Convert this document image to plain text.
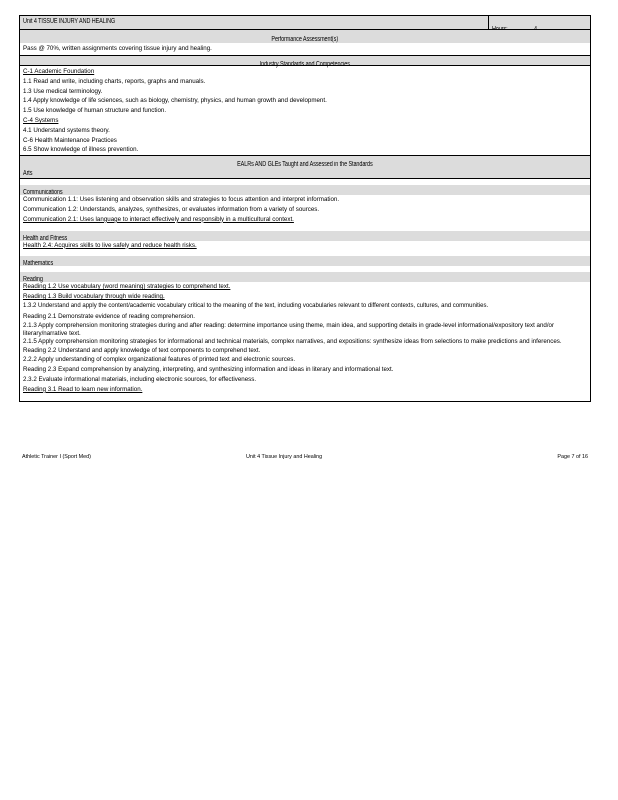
Unit 4 TISSUE INJURY AND HEALING

Performance Assessment(s)
Pass @ 70%, written assignments covering tissue injury and healing.
Industry Standards and Competencies
C-1 Academic Foundation
1.1 Read and write, including charts, reports, graphs and manuals.
1.3 Use medical terminology.
1.4 Apply knowledge of life sciences, such as biology, chemistry, physics, and human growth and development.
1.5 Use knowledge of human structure and function.
C-4 Systems
4.1 Understand systems theory.
C-6 Health Maintenance Practices
6.5 Show knowledge of illness prevention.
EALRs AND GLEs Taught and Assessed in the Standards
Arts
Communications
Communication 1.1: Uses listening and observation skills and strategies to focus attention and interpret information.
Communication 1.2: Understands, analyzes, synthesizes, or evaluates information from a variety of sources.
Communication 2.1: Uses language to interact effectively and responsibly in a multicultural context.
Health and Fitness
Health 2.4: Acquires skills to live safely and reduce health risks.
Mathematics
Reading
Reading 1.2 Use vocabulary (word meaning) strategies to comprehend text.
Reading 1.3 Build vocabulary through wide reading.
1.3.2 Understand and apply the content/academic vocabulary critical to the meaning of the text, including vocabularies relevant to different contexts, cultures, and communities.
Reading 2.1 Demonstrate evidence of reading comprehension.
2.1.3 Apply comprehension monitoring strategies during and after reading: determine importance using theme, main idea, and supporting details in grade-level informational/expository text and/or literary/narrative text.
2.1.5 Apply comprehension monitoring strategies for informational and technical materials, complex narratives, and expositions: synthesize ideas from selections to make predictions and inferences.
Reading 2.2 Understand and apply knowledge of text components to comprehend text.
2.2.2 Apply understanding of complex organizational features of printed text and electronic sources.
Reading 2.3 Expand comprehension by analyzing, interpreting, and synthesizing information and ideas in literary and informational text.
2.3.2 Evaluate informational materials, including electronic sources, for effectiveness.
Reading 3.1 Read to learn new information.
Athletic Trainer I (Sport Med)	Unit 4 Tissue Injury and Healing	Page 7 of 16
